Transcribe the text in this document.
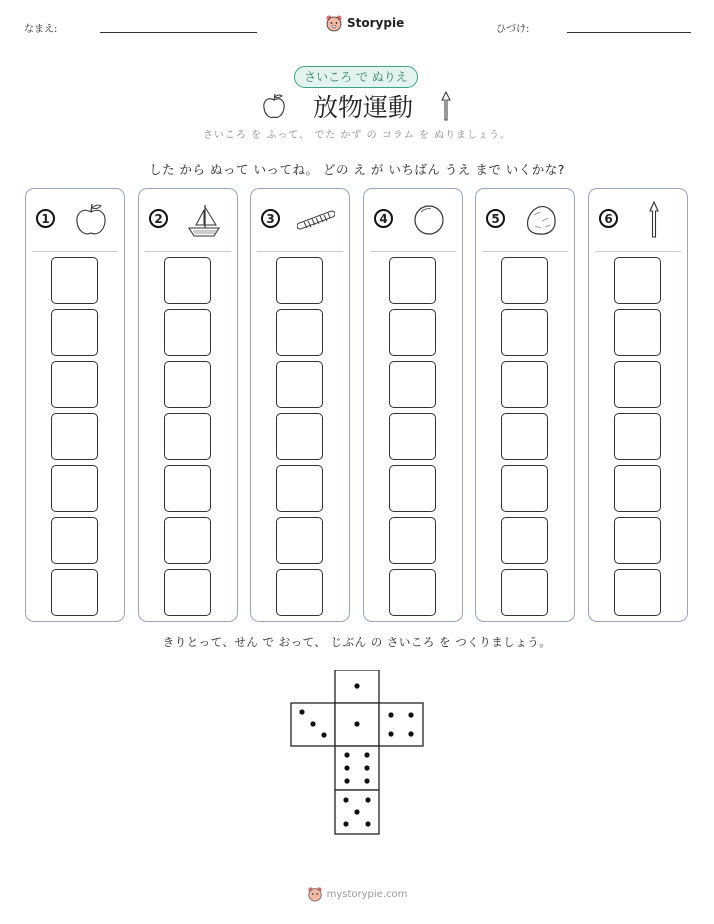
なまえ:	Storypie	ひづけ:
さいころ で ぬりえ
放物運動
さいころ を ふって、 でた かず の コラム を ぬりましょう。
した から ぬって いってね。 どの え が いちばん うえ まで いくかな?
1	2	3	4	5	6
きりとって、せん で おって、 じぶん の さいころ を つくりましょう。
mystorypie.com
